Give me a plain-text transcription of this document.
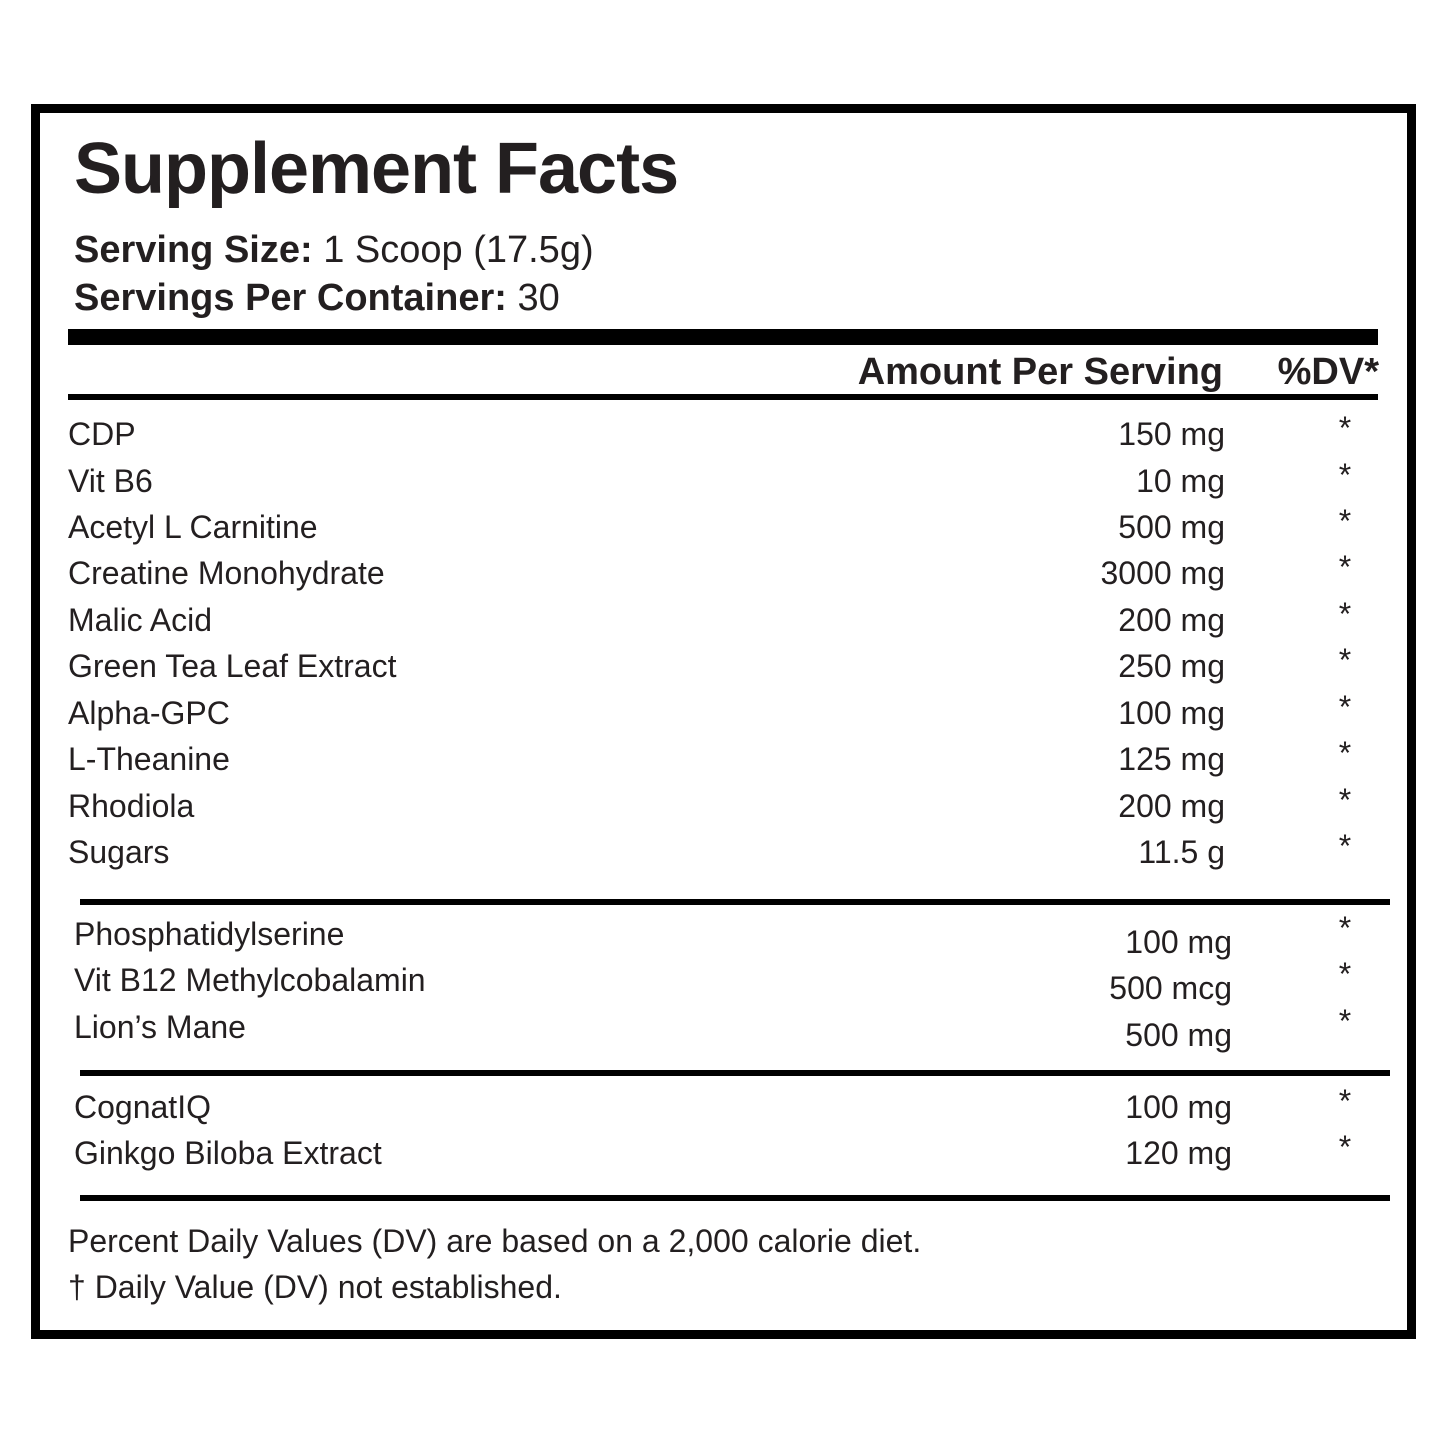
Supplement Facts
Serving Size: 1 Scoop (17.5g)
Servings Per Container: 30
Amount Per Serving %DV*
CDP	150 mg	*
Vit B6	10 mg	*
Acetyl L Carnitine	500 mg	*
Creatine Monohydrate	3000 mg	*
Malic Acid	200 mg	*
Green Tea Leaf Extract	250 mg	*
Alpha-GPC	100 mg	*
L-Theanine	125 mg	*
Rhodiola	200 mg	*
Sugars	11.5 g	*
Phosphatidylserine	100 mg	*
Vit B12 Methylcobalamin	500 mcg	*
Lion’s Mane	500 mg	*
CognatIQ	100 mg	*
Ginkgo Biloba Extract	120 mg	*
Percent Daily Values (DV) are based on a 2,000 calorie diet.
† Daily Value (DV) not established.
